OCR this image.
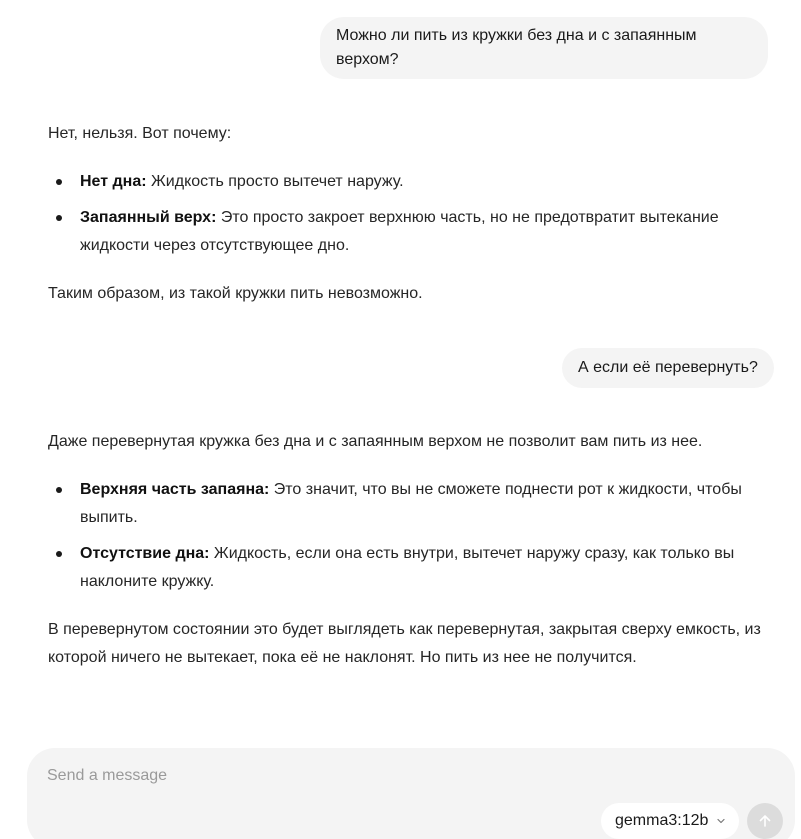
Можно ли пить из кружки без дна и с запаянным верхом?

Нет, нельзя. Вот почему:

Нет дна: Жидкость просто вытечет наружу.
Запаянный верх: Это просто закроет верхнюю часть, но не предотвратит вытекание жидкости через отсутствующее дно.

Таким образом, из такой кружки пить невозможно.

А если её перевернуть?

Даже перевернутая кружка без дна и с запаянным верхом не позволит вам пить из нее.

Верхняя часть запаяна: Это значит, что вы не сможете поднести рот к жидкости, чтобы выпить.
Отсутствие дна: Жидкость, если она есть внутри, вытечет наружу сразу, как только вы наклоните кружку.

В перевернутом состоянии это будет выглядеть как перевернутая, закрытая сверху емкость, из которой ничего не вытекает, пока её не наклонят. Но пить из нее не получится.

Send a message
gemma3:12b
